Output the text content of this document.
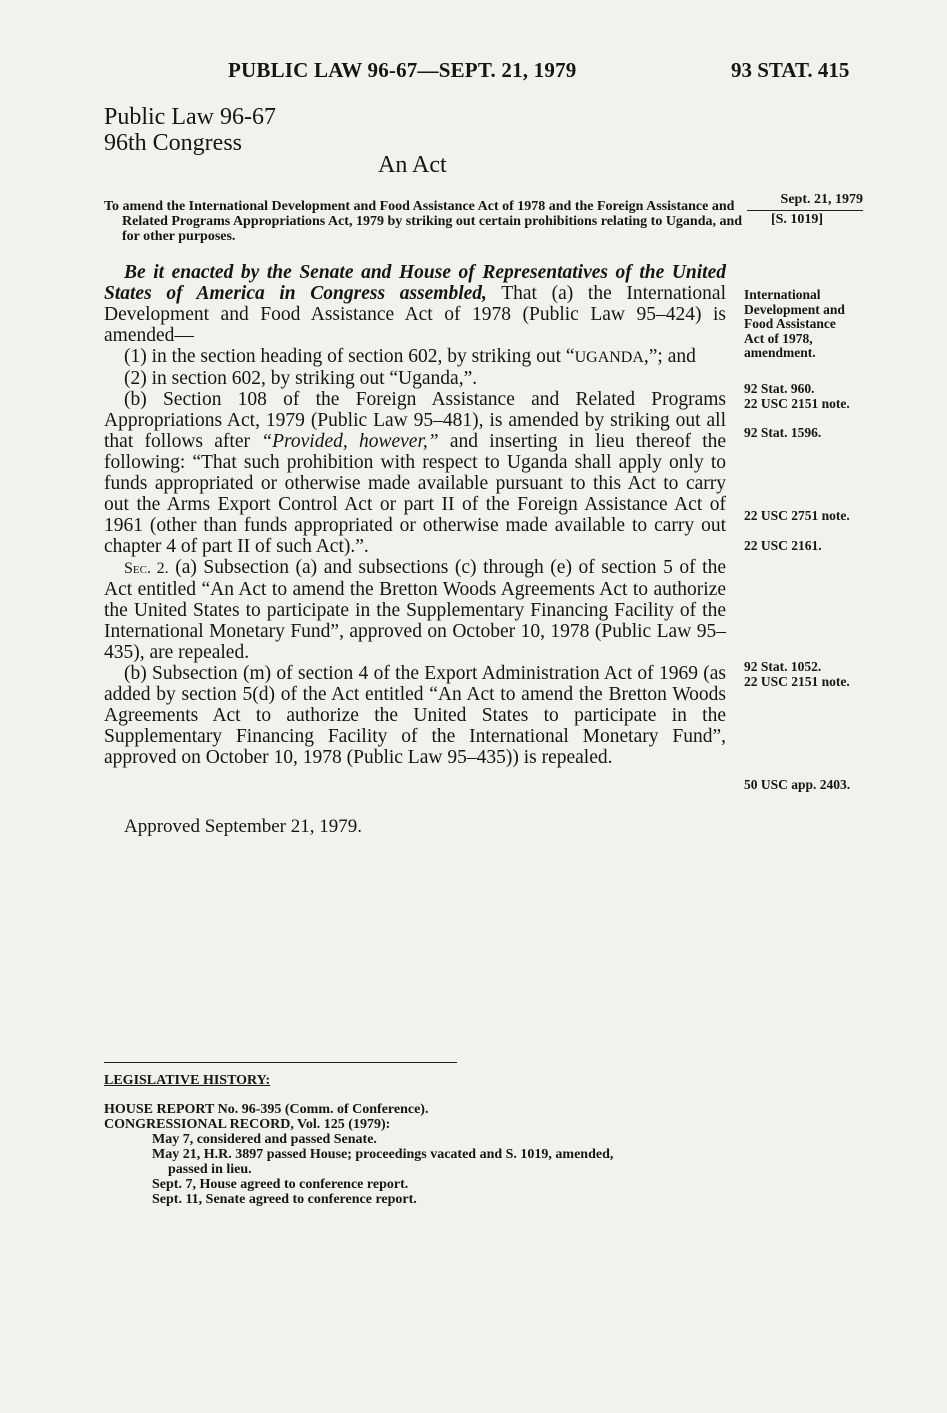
PUBLIC LAW 96-67—SEPT. 21, 1979	93 STAT. 415
Public Law 96-67
96th Congress
An Act
To amend the International Development and Food Assistance Act of 1978 and the Foreign Assistance and Related Programs Appropriations Act, 1979 by striking out certain prohibitions relating to Uganda, and for other purposes.
Sept. 21, 1979
[S. 1019]

Be it enacted by the Senate and House of Representatives of the United States of America in Congress assembled, That (a) the International Development and Food Assistance Act of 1978 (Public Law 95–424) is amended—

(1) in the section heading of section 602, by striking out “UGANDA,”; and

(2) in section 602, by striking out “Uganda,”.

(b) Section 108 of the Foreign Assistance and Related Programs Appropriations Act, 1979 (Public Law 95–481), is amended by striking out all that follows after “Provided, however,” and inserting in lieu thereof the following: “That such prohibition with respect to Uganda shall apply only to funds appropriated or otherwise made available pursuant to this Act to carry out the Arms Export Control Act or part II of the Foreign Assistance Act of 1961 (other than funds appropriated or otherwise made available to carry out chapter 4 of part II of such Act).”.

Sec. 2. (a) Subsection (a) and subsections (c) through (e) of section 5 of the Act entitled “An Act to amend the Bretton Woods Agreements Act to authorize the United States to participate in the Supplementary Financing Facility of the International Monetary Fund”, approved on October 10, 1978 (Public Law 95–435), are repealed.

(b) Subsection (m) of section 4 of the Export Administration Act of 1969 (as added by section 5(d) of the Act entitled “An Act to amend the Bretton Woods Agreements Act to authorize the United States to participate in the Supplementary Financing Facility of the International Monetary Fund”, approved on October 10, 1978 (Public Law 95–435)) is repealed.

Approved September 21, 1979.
International Development and Food Assistance Act of 1978, amendment.
92 Stat. 960.
22 USC 2151 note.
92 Stat. 1596.
22 USC 2751 note.
22 USC 2161.
92 Stat. 1052.
22 USC 2151 note.
50 USC app. 2403.
LEGISLATIVE HISTORY:
HOUSE REPORT No. 96-395 (Comm. of Conference).
CONGRESSIONAL RECORD, Vol. 125 (1979):
May 7, considered and passed Senate.
May 21, H.R. 3897 passed House; proceedings vacated and S. 1019, amended,
passed in lieu.
Sept. 7, House agreed to conference report.
Sept. 11, Senate agreed to conference report.
